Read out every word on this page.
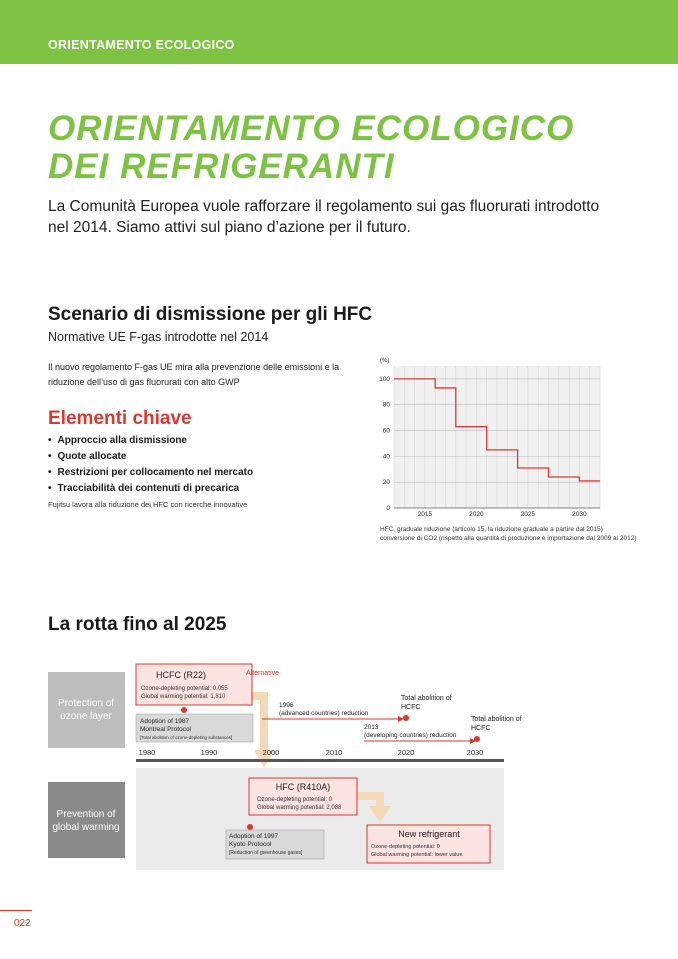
ORIENTAMENTO ECOLOGICO
ORIENTAMENTO ECOLOGICO
DEI REFRIGERANTI
La Comunità Europea vuole rafforzare il regolamento sui gas fluorurati introdotto nel 2014. Siamo attivi sul piano d’azione per il futuro.
Scenario di dismissione per gli HFC
Normative UE F-gas introdotte nel 2014
Il nuovo regolamento F-gas UE mira alla prevenzione delle emissioni e la riduzione dell’uso di gas fluorurati con alto GWP
Elementi chiave
• Approccio alla dismissione
• Quote allocate
• Restrizioni per collocamento nel mercato
• Tracciabilità dei contenuti di precarica
Fujitsu lavora alla riduzione dei HFC con ricerche innovative	0
20
40
60
80
100
2015	2020	2025	2030
(%)
HFC, graduale riduzione (articolo 15, la riduzione graduale a partire dal 2015)
conversione di CO2 (rispetto alla quantità di produzione e importazione dal 2009 al 2012)
La rotta fino al 2025
Protection of
ozone layer
Prevention of
global warming
HCFC (R22)
Ozone-depleting potential: 0.055
Global warming potential: 1,810
Alternative
Adoption of 1987
Montreal Protocol
[Total abolition of ozone-depleting substances]
1996
(advanced countries) reduction
Total abolition of
HCFC
2013
(developing countries) reduction
Total abolition of
HCFC
1980	1990	2000	2010	2020	2030
HFC (R410A)
Ozone-depleting potential: 0
Global warming potential: 2,088
Adoption of 1997
Kyoto Protocol
[Reduction of greenhouse gases]
New refrigerant
Ozone-depleting potential: 0
Global warming potential: lower value
022
